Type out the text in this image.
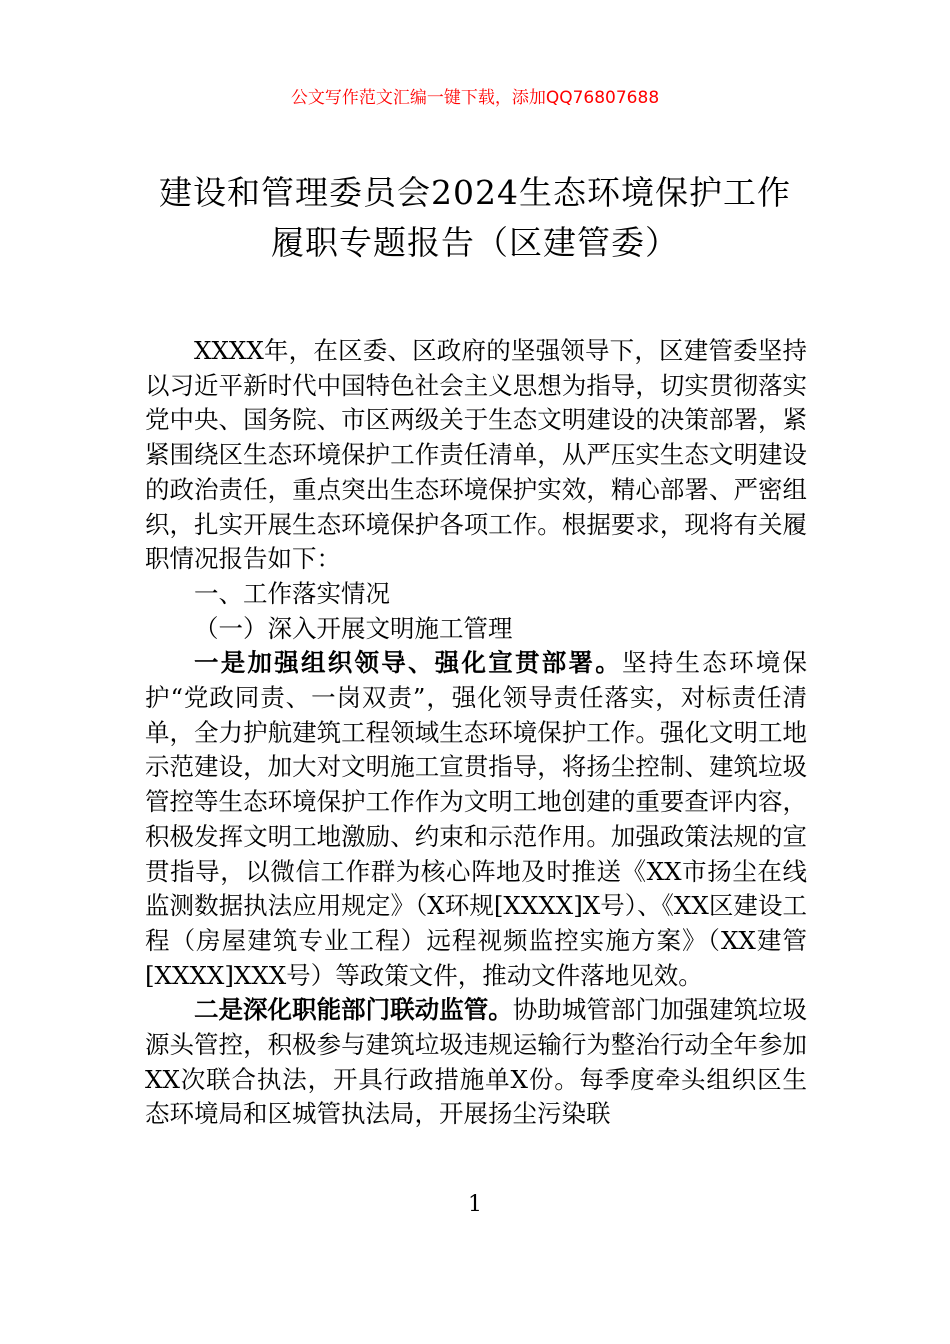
公文写作范文汇编一键下载，添加QQ76807688
建设和管理委员会2024生态环境保护工作
履职专题报告（区建管委）

XXXX年，在区委、区政府的坚强领导下，区建管委坚持以习近平新时代中国特色社会主义思想为指导，切实贯彻落实党中央、国务院、市区两级关于生态文明建设的决策部署，紧紧围绕区生态环境保护工作责任清单，从严压实生态文明建设的政治责任，重点突出生态环境保护实效，精心部署、严密组织，扎实开展生态环境保护各项工作。根据要求，现将有关履职情况报告如下：

一、工作落实情况

（一）深入开展文明施工管理

一是加强组织领导、强化宣贯部署。坚持生态环境保护“党政同责、一岗双责”，强化领导责任落实，对标责任清单，全力护航建筑工程领域生态环境保护工作。强化文明工地示范建设，加大对文明施工宣贯指导，将扬尘控制、建筑垃圾管控等生态环境保护工作作为文明工地创建的重要查评内容，积极发挥文明工地激励、约束和示范作用。加强政策法规的宣贯指导，以微信工作群为核心阵地及时推送《XX市扬尘在线监测数据执法应用规定》（X环规[XXXX]X号）、《XX区建设工程（房屋建筑专业工程）远程视频监控实施方案》（XX建管[XXXX]XXX号）等政策文件，推动文件落地见效。

二是深化职能部门联动监管。协助城管部门加强建筑垃圾源头管控，积极参与建筑垃圾违规运输行为整治行动全年参加XX次联合执法，开具行政措施单X份。每季度牵头组织区生态环境局和区城管执法局，开展扬尘污染联

1
